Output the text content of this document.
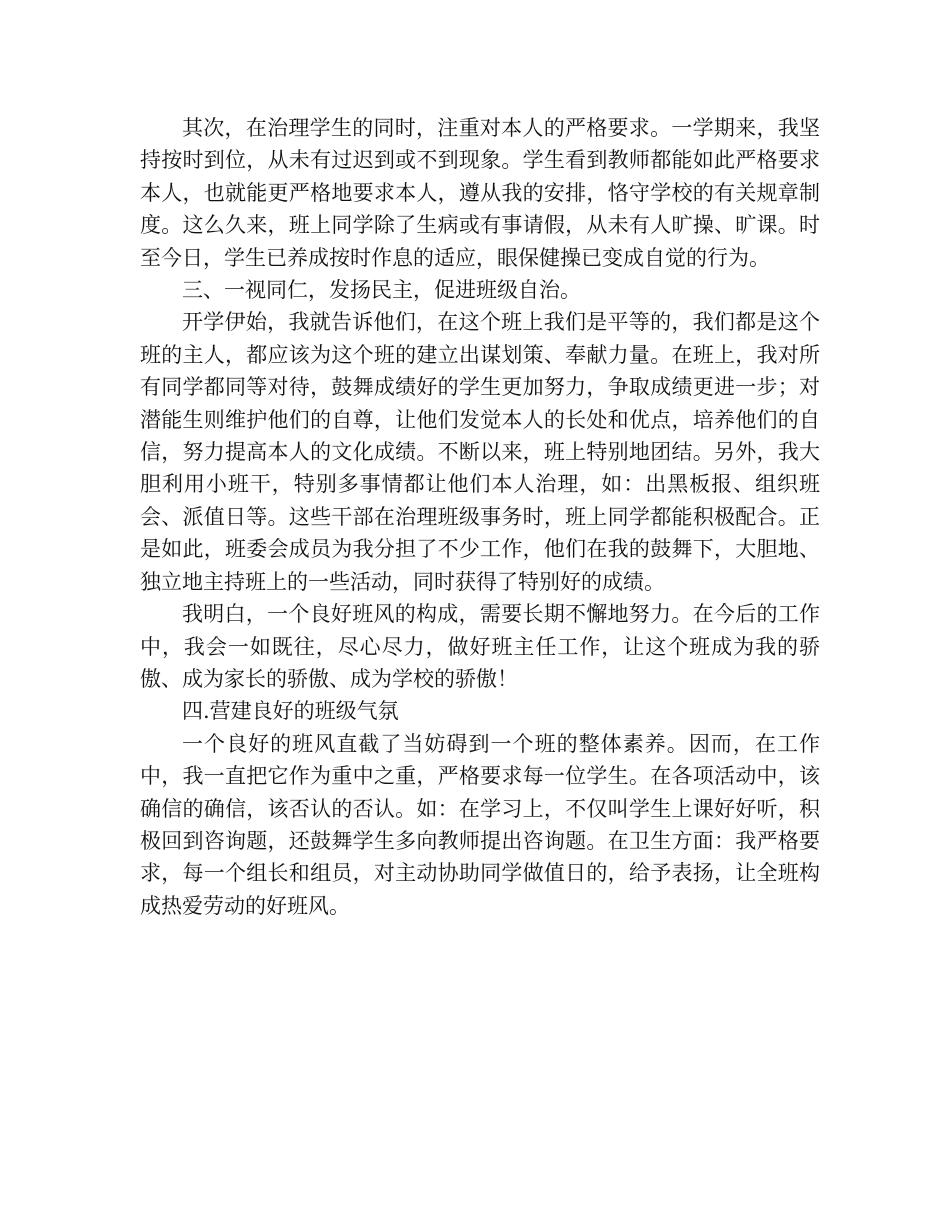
其次，在治理学生的同时，注重对本人的严格要求。一学期来，我坚持按时到位，从未有过迟到或不到现象。学生看到教师都能如此严格要求本人，也就能更严格地要求本人，遵从我的安排，恪守学校的有关规章制度。这么久来，班上同学除了生病或有事请假，从未有人旷操、旷课。时至今日，学生已养成按时作息的适应，眼保健操已变成自觉的行为。

三、一视同仁，发扬民主，促进班级自治。

开学伊始，我就告诉他们，在这个班上我们是平等的，我们都是这个班的主人，都应该为这个班的建立出谋划策、奉献力量。在班上，我对所有同学都同等对待，鼓舞成绩好的学生更加努力，争取成绩更进一步；对潜能生则维护他们的自尊，让他们发觉本人的长处和优点，培养他们的自信，努力提高本人的文化成绩。不断以来，班上特别地团结。另外，我大胆利用小班干，特别多事情都让他们本人治理，如：出黑板报、组织班会、派值日等。这些干部在治理班级事务时，班上同学都能积极配合。正是如此，班委会成员为我分担了不少工作，他们在我的鼓舞下，大胆地、独立地主持班上的一些活动，同时获得了特别好的成绩。

我明白，一个良好班风的构成，需要长期不懈地努力。在今后的工作中，我会一如既往，尽心尽力，做好班主任工作，让这个班成为我的骄傲、成为家长的骄傲、成为学校的骄傲！

四.营建良好的班级气氛

一个良好的班风直截了当妨碍到一个班的整体素养。因而，在工作中，我一直把它作为重中之重，严格要求每一位学生。在各项活动中，该确信的确信，该否认的否认。如：在学习上，不仅叫学生上课好好听，积极回到咨询题，还鼓舞学生多向教师提出咨询题。在卫生方面：我严格要求，每一个组长和组员，对主动协助同学做值日的，给予表扬，让全班构成热爱劳动的好班风。
